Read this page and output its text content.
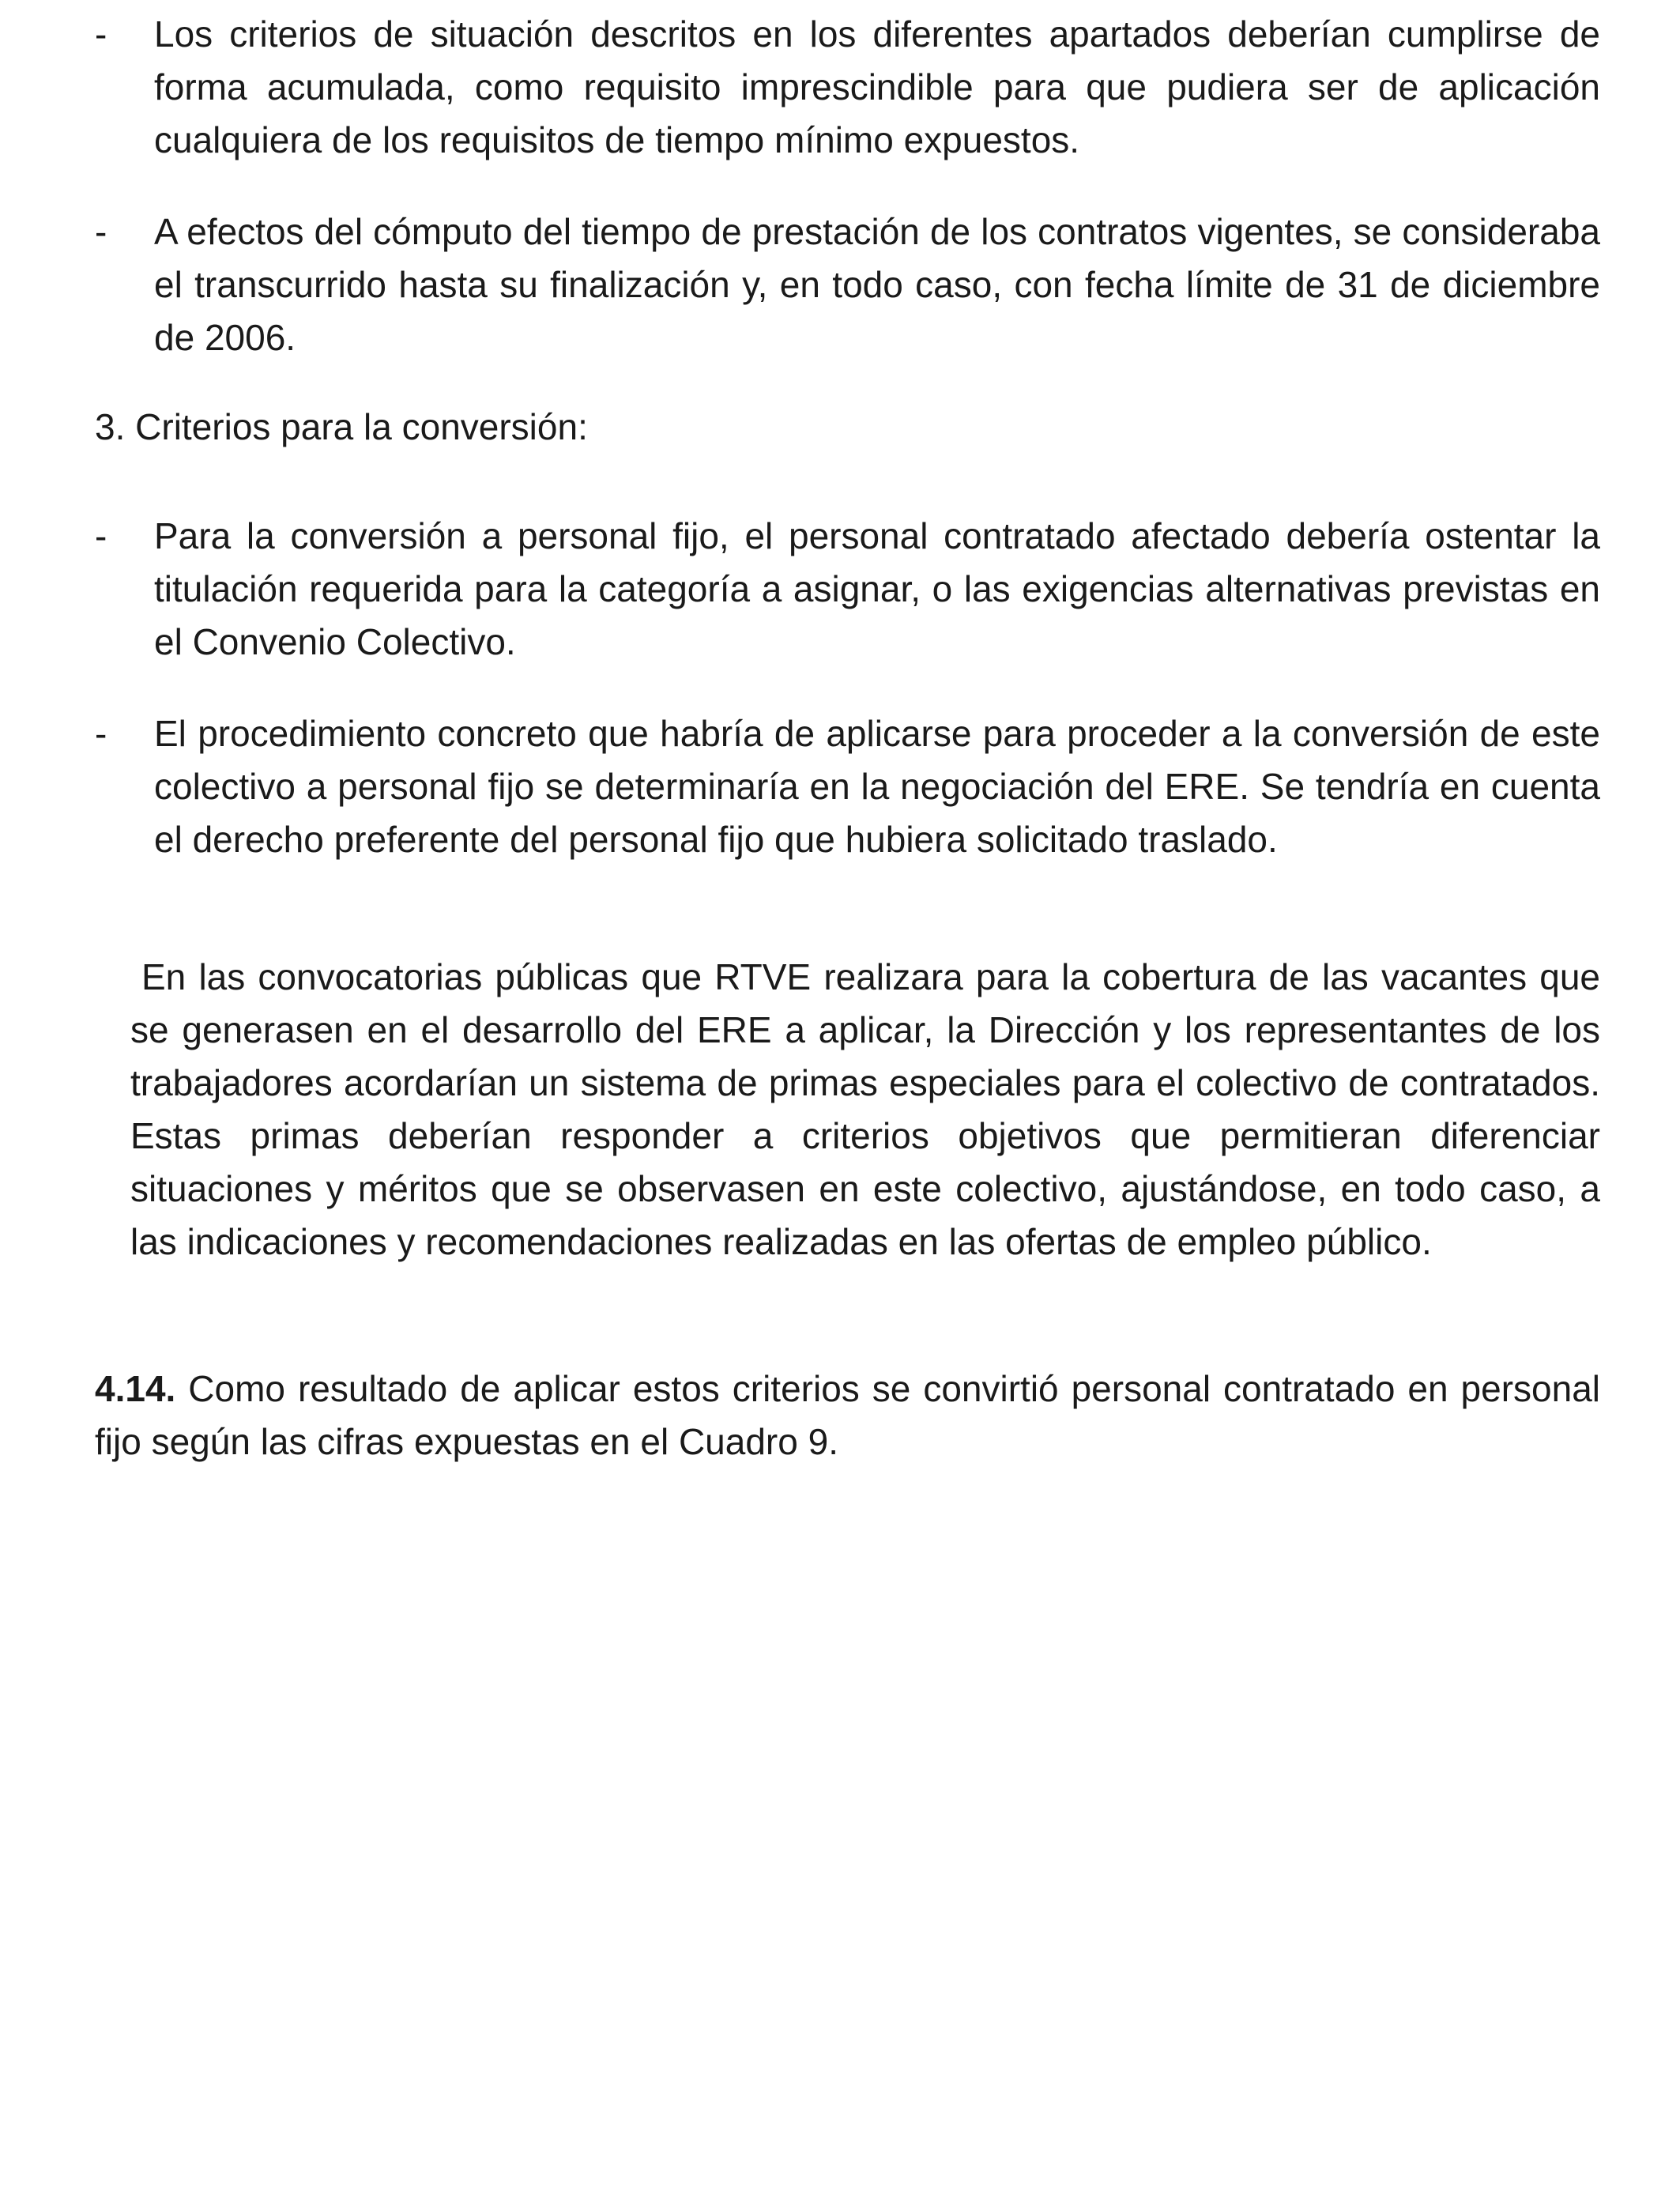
-	Los criterios de situación descritos en los diferentes apartados deberían cumplirse de forma acumulada, como requisito imprescindible para que pudiera ser de aplicación cualquiera de los requisitos de tiempo mínimo expuestos.
-	A efectos del cómputo del tiempo de prestación de los contratos vigentes, se consideraba el transcurrido hasta su finalización y, en todo caso, con fecha límite de 31 de diciembre de 2006.
3. Criterios para la conversión:
-	Para la conversión a personal fijo, el personal contratado afectado debería ostentar la titulación requerida para la categoría a asignar, o las exigencias alternativas previstas en el Convenio Colectivo.
-	El procedimiento concreto que habría de aplicarse para proceder a la conversión de este colectivo a personal fijo se determinaría en la negociación del ERE. Se tendría en cuenta el derecho preferente del personal fijo que hubiera solicitado traslado.
En las convocatorias públicas que RTVE realizara para la cobertura de las vacantes que se generasen en el desarrollo del ERE a aplicar, la Dirección y los representantes de los trabajadores acordarían un sistema de primas especiales para el colectivo de contratados. Estas primas deberían responder a criterios objetivos que permitieran diferenciar situaciones y méritos que se observasen en este colectivo, ajustándose, en todo caso, a las indicaciones y recomendaciones realizadas en las ofertas de empleo público.
4.14. Como resultado de aplicar estos criterios se convirtió personal contratado en personal fijo según las cifras expuestas en el Cuadro 9.
